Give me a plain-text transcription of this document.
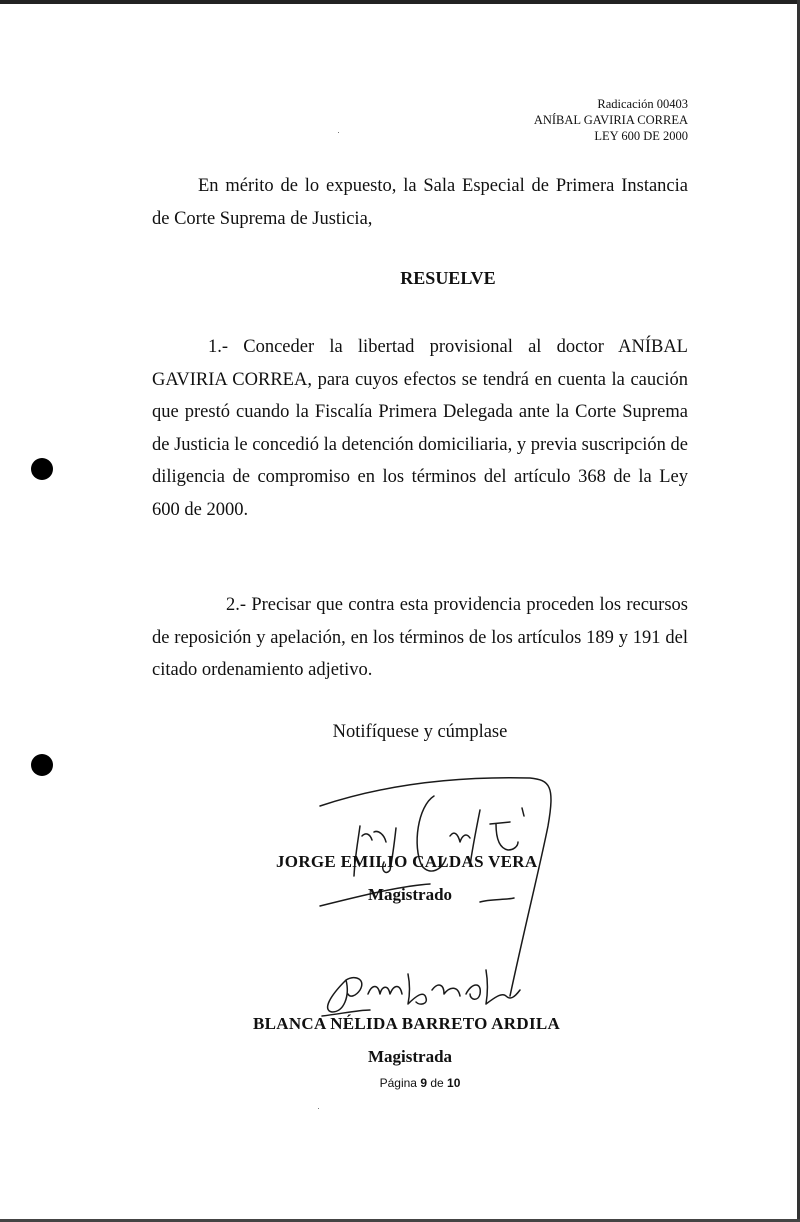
Radicación 00403
ANÍBAL GAVIRIA CORREA
LEY 600 DE 2000

En mérito de lo expuesto, la Sala Especial de Primera Instancia de Corte Suprema de Justicia,

RESUELVE

1.- Conceder la libertad provisional al doctor ANÍBAL GAVIRIA CORREA, para cuyos efectos se tendrá en cuenta la caución que prestó cuando la Fiscalía Primera Delegada ante la Corte Suprema de Justicia le concedió la detención domiciliaria, y previa suscripción de diligencia de compromiso en los términos del artículo 368 de la Ley 600 de 2000.

2.- Precisar que contra esta providencia proceden los recursos de reposición y apelación, en los términos de los artículos 189 y 191 del citado ordenamiento adjetivo.

Notifíquese y cúmplase
JORGE EMILIO CALDAS VERA
Magistrado
BLANCA NÉLIDA BARRETO ARDILA
Magistrada
Página 9 de 10
